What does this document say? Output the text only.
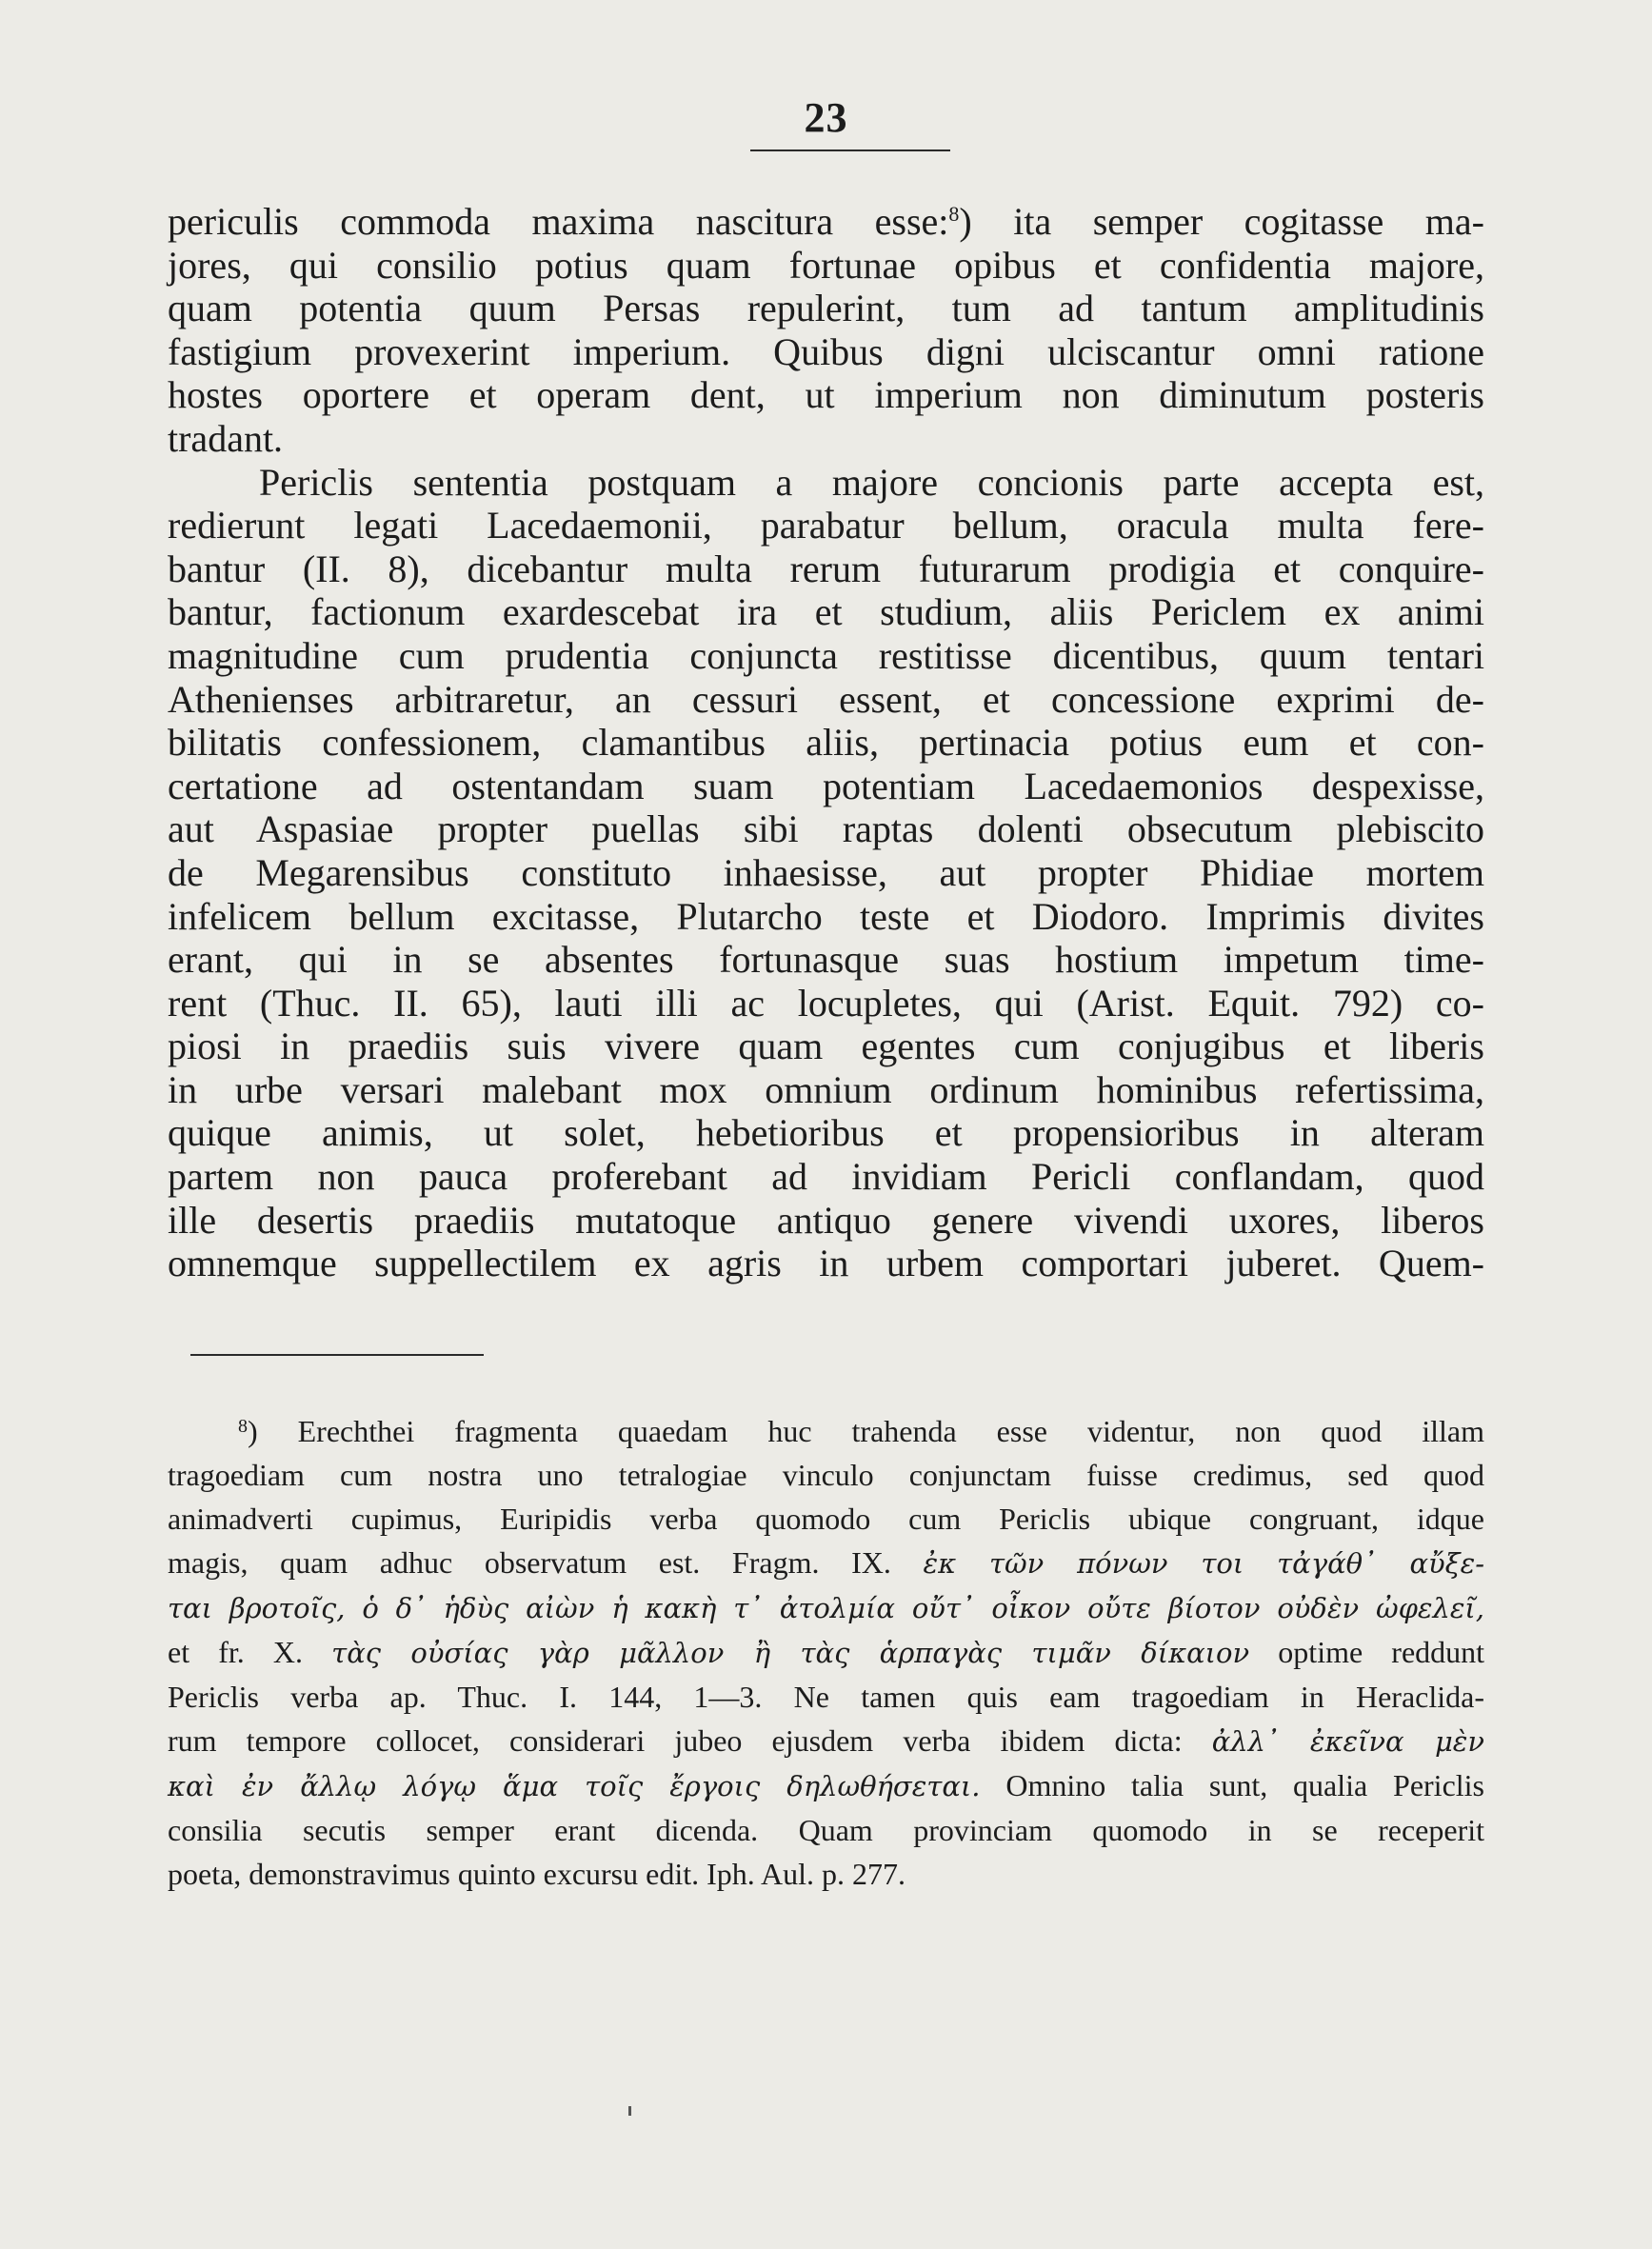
23

periculis commoda maxima nascitura esse:$^8$) ita semper cogitasse ma-
jores, qui consilio potius quam fortunae opibus et confidentia majore,
quam potentia quum Persas repulerint, tum ad tantum amplitudinis
fastigium provexerint imperium. Quibus digni ulciscantur omni ratione
hostes oportere et operam dent, ut imperium non diminutum posteris
tradant.

Periclis sententia postquam a majore concionis parte accepta est,
redierunt legati Lacedaemonii, parabatur bellum, oracula multa fere-
bantur (II. 8), dicebantur multa rerum futurarum prodigia et conquire-
bantur, factionum exardescebat ira et studium, aliis Periclem ex animi
magnitudine cum prudentia conjuncta restitisse dicentibus, quum tentari
Athenienses arbitraretur, an cessuri essent, et concessione exprimi de-
bilitatis confessionem, clamantibus aliis, pertinacia potius eum et con-
certatione ad ostentandam suam potentiam Lacedaemonios despexisse,
aut Aspasiae propter puellas sibi raptas dolenti obsecutum plebiscito
de Megarensibus constituto inhaesisse, aut propter Phidiae mortem
infelicem bellum excitasse, Plutarcho teste et Diodoro. Imprimis divites
erant, qui in se absentes fortunasque suas hostium impetum time-
rent (Thuc. II. 65), lauti illi ac locupletes, qui (Arist. Equit. 792) co-
piosi in praediis suis vivere quam egentes cum conjugibus et liberis
in urbe versari malebant mox omnium ordinum hominibus refertissima,
quique animis, ut solet, hebetioribus et propensioribus in alteram
partem non pauca proferebant ad invidiam Pericli conflandam, quod
ille desertis praediis mutatoque antiquo genere vivendi uxores, liberos
omnemque suppellectilem ex agris in urbem comportari juberet. Quem-

$^8$) Erechthei fragmenta quaedam huc trahenda esse videntur, non quod illam
tragoediam cum nostra uno tetralogiae vinculo conjunctam fuisse credimus, sed quod
animadverti cupimus, Euripidis verba quomodo cum Periclis ubique congruant, idque
magis, quam adhuc observatum est. Fragm. IX. ἐκ τῶν πόνων τοι τἀγάθ᾽ αὔξε-
ται βροτοῖς, ὁ δ᾽ ἡδὺς αἰὼν ἡ κακὴ τ᾽ ἀτολμία οὔτ᾽ οἶκον οὔτε βίοτον οὐδὲν ὠφελεῖ,
et fr. X. τὰς οὐσίας γὰρ μᾶλλον ἢ τὰς ἁρπαγὰς τιμᾶν δίκαιον optime reddunt
Periclis verba ap. Thuc. I. 144, 1—3. Ne tamen quis eam tragoediam in Heraclida-
rum tempore collocet, considerari jubeo ejusdem verba ibidem dicta: ἀλλ᾽ ἐκεῖνα μὲν
καὶ ἐν ἄλλῳ λόγῳ ἅμα τοῖς ἔργοις δηλωθήσεται. Omnino talia sunt, qualia Periclis
consilia secutis semper erant dicenda. Quam provinciam quomodo in se receperit
poeta, demonstravimus quinto excursu edit. Iph. Aul. p. 277.
